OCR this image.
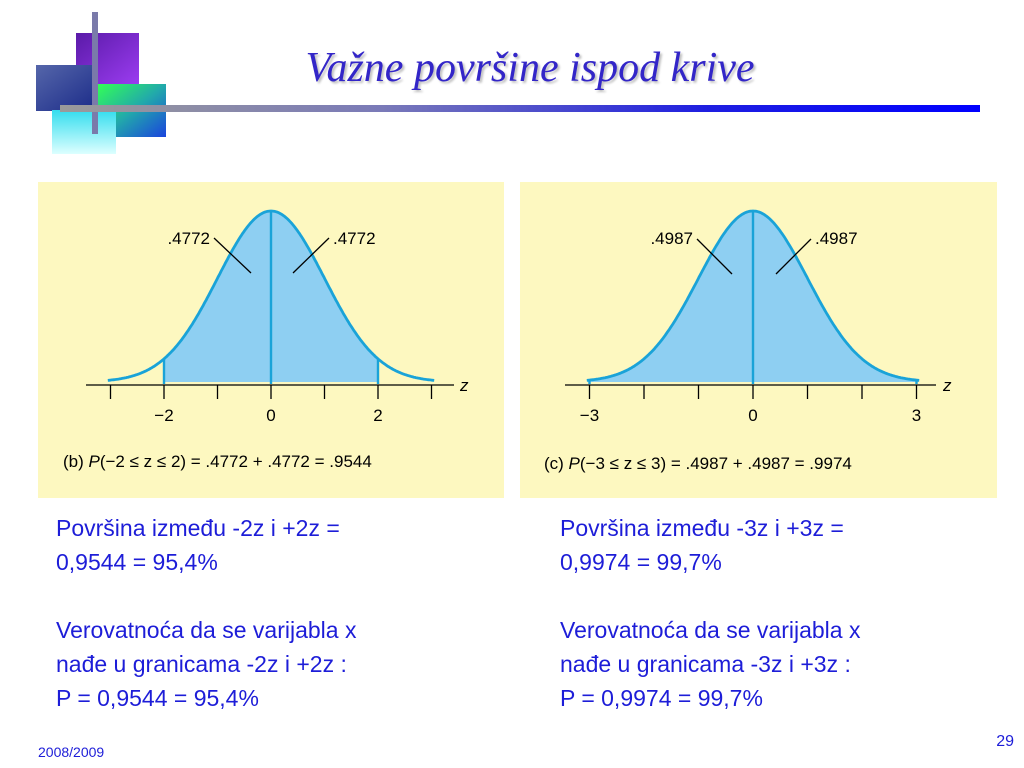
Važne površine ispod krive
.4772	.4772
z
−2	0	2
(b) P(−2 ≤ z ≤ 2) = .4772 + .4772 = .9544
.4987	.4987
z
−3	0	3
(c) P(−3 ≤ z ≤ 3) = .4987 + .4987 = .9974

Površina između -2z i +2z =

0,9544 = 95,4%

Verovatnoća da se varijabla x

nađe u granicama -2z i +2z :

P = 0,9544 = 95,4%

Površina između -3z i +3z =

0,9974 = 99,7%

Verovatnoća da se varijabla x

nađe u granicama -3z i +3z :

P = 0,9974 = 99,7%

2008/2009
29
